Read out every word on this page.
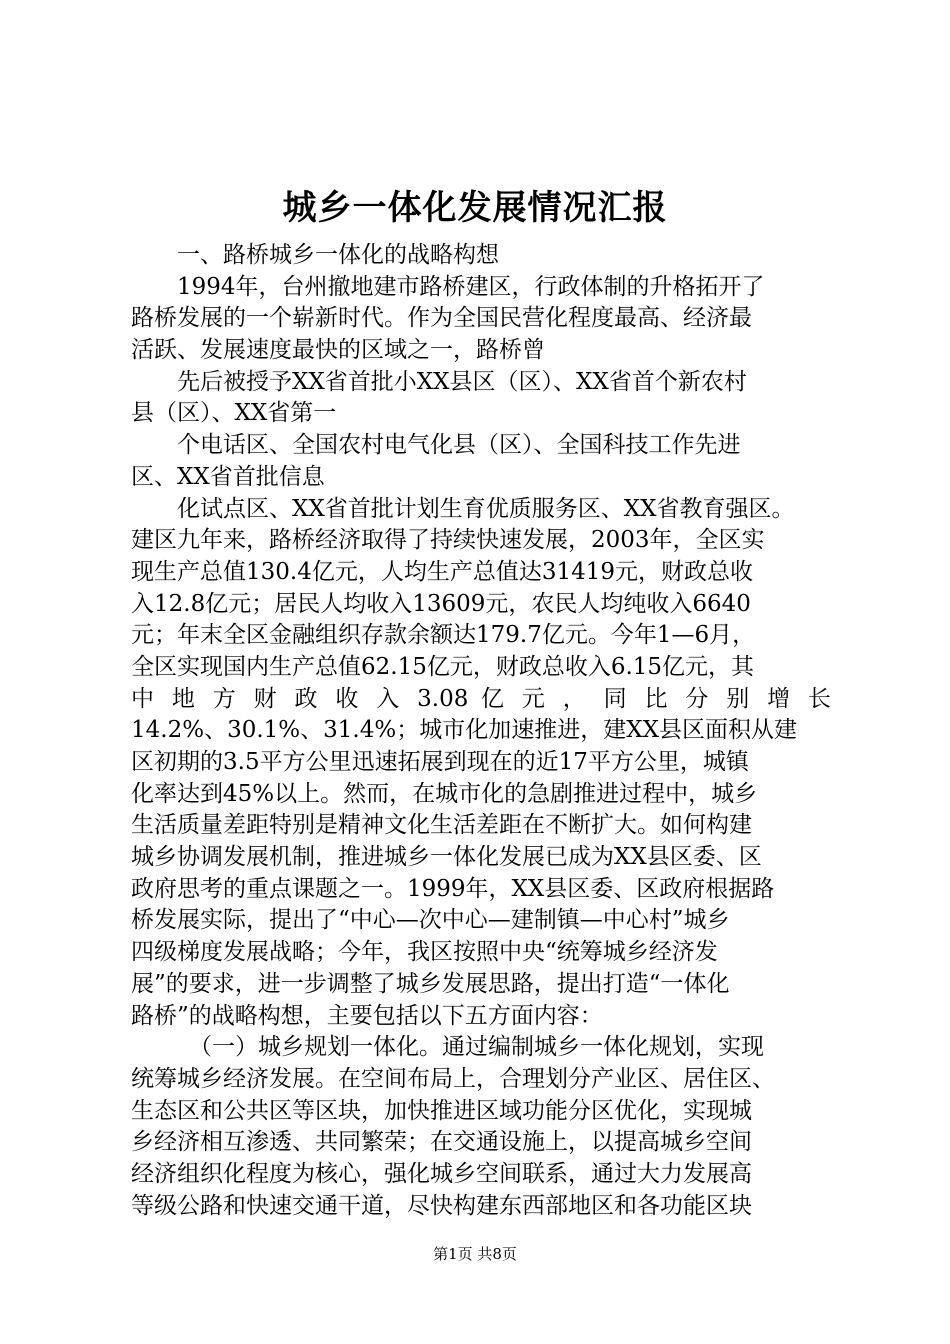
城乡一体化发展情况汇报
一、路桥城乡一体化的战略构想
1994年，台州撤地建市路桥建区，行政体制的升格拓开了
路桥发展的一个崭新时代。作为全国民营化程度最高、经济最
活跃、发展速度最快的区域之一，路桥曾
先后被授予XX省首批小XX县区（区）、XX省首个新农村
县（区）、XX省第一
个电话区、全国农村电气化县（区）、全国科技工作先进
区、XX省首批信息
化试点区、XX省首批计划生育优质服务区、XX省教育强区。
建区九年来，路桥经济取得了持续快速发展，2003年，全区实
现生产总值130.4亿元，人均生产总值达31419元，财政总收
入12.8亿元；居民人均收入13609元，农民人均纯收入6640
元；年末全区金融组织存款余额达179.7亿元。今年1—6月，
全区实现国内生产总值62.15亿元，财政总收入6.15亿元，其
中 地 方 财 政 收 入 3.08 亿 元 ， 同 比 分 别 增 长
14.2%、30.1%、31.4%；城市化加速推进，建XX县区面积从建
区初期的3.5平方公里迅速拓展到现在的近17平方公里，城镇
化率达到45%以上。然而，在城市化的急剧推进过程中，城乡
生活质量差距特别是精神文化生活差距在不断扩大。如何构建
城乡协调发展机制，推进城乡一体化发展已成为XX县区委、区
政府思考的重点课题之一。1999年，XX县区委、区政府根据路
桥发展实际，提出了“中心—次中心—建制镇—中心村”城乡
四级梯度发展战略；今年，我区按照中央“统筹城乡经济发
展”的要求，进一步调整了城乡发展思路，提出打造“一体化
路桥”的战略构想，主要包括以下五方面内容：
（一）城乡规划一体化。通过编制城乡一体化规划，实现
统筹城乡经济发展。在空间布局上，合理划分产业区、居住区、
生态区和公共区等区块，加快推进区域功能分区优化，实现城
乡经济相互渗透、共同繁荣；在交通设施上，以提高城乡空间
经济组织化程度为核心，强化城乡空间联系，通过大力发展高
等级公路和快速交通干道，尽快构建东西部地区和各功能区块
第1页 共8页
